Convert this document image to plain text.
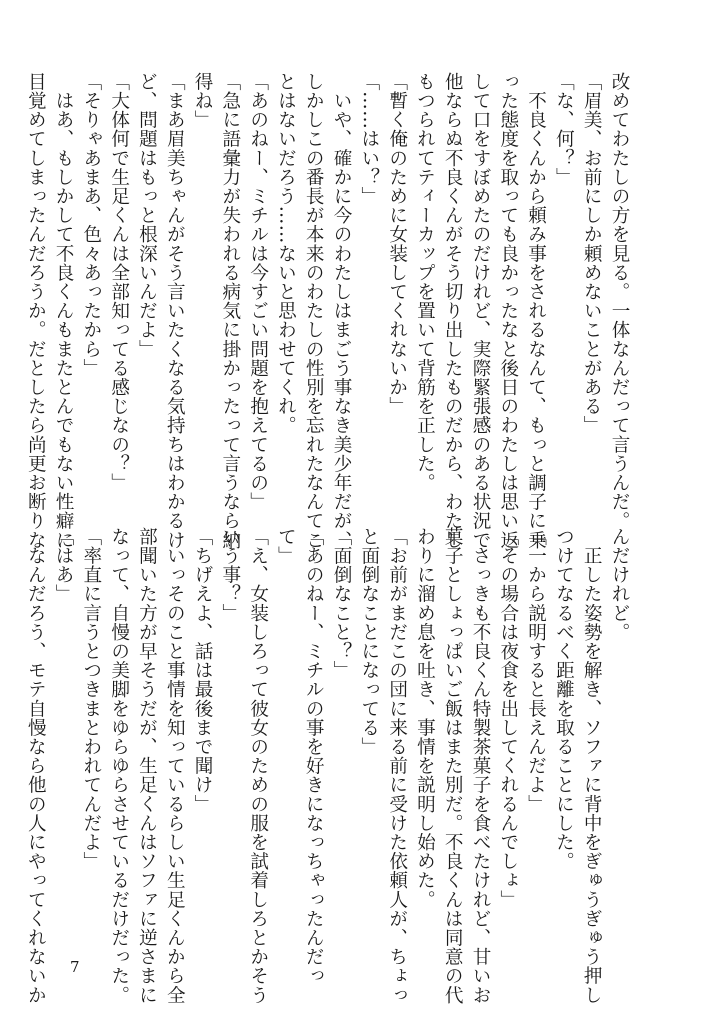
改めてわたしの方を見る。一体なんだって言うんだ。
「眉美、お前にしか頼めないことがある」
「な、何？」
　不良くんから頼み事をされるなんて、もっと調子に乗
った態度を取っても良かったなと後日のわたしは思い返
して口をすぼめたのだけれど、実際緊張感のある状況で
他ならぬ不良くんがそう切り出したものだから、わたし
もつられてティーカップを置いて背筋を正した。
「暫く俺のために女装してくれないか」
「……はい？」
　いや、確かに今のわたしはまごう事なき美少年だが、
しかしこの番長が本来のわたしの性別を忘れたなんてこ
とはないだろう……ないと思わせてくれ。
「あのねー、ミチルは今すごい問題を抱えてるの」
「急に語彙力が失われる病気に掛かったって言うなら納
得ね」
「まあ眉美ちゃんがそう言いたくなる気持ちはわかるけ
ど、問題はもっと根深いんだよ」
「大体何で生足くんは全部知ってる感じなの？」
「そりゃあまあ、色々あったから」
　はあ、もしかして不良くんもまたとんでもない性癖に
目覚めてしまったんだろうか。だとしたら尚更お断りな
んだけれど。
　正した姿勢を解き、ソファに背中をぎゅうぎゅう押し
つけてなるべく距離を取ることにした。
「一から説明すると長えんだよ」
「その場合は夜食を出してくれるんでしょ」
　さっきも不良くん特製茶菓子を食べたけれど、甘いお
菓子としょっぱいご飯はまた別だ。不良くんは同意の代
わりに溜め息を吐き、事情を説明し始めた。
「お前がまだこの団に来る前に受けた依頼人が、ちょっ
と面倒なことになってる」
「面倒なこと？」
「あのねー、ミチルの事を好きになっちゃったんだっ
て」
「え、女装しろって彼女のための服を試着しろとかそう
いう事？」
「ちげえよ、話は最後まで聞け」
　いっそのこと事情を知っているらしい生足くんから全
部聞いた方が早そうだが、生足くんはソファに逆さまに
なって、自慢の美脚をゆらゆらさせているだけだった。
「率直に言うとつきまとわれてんだよ」
「はあ」
　なんだろう、モテ自慢なら他の人にやってくれないか 7
